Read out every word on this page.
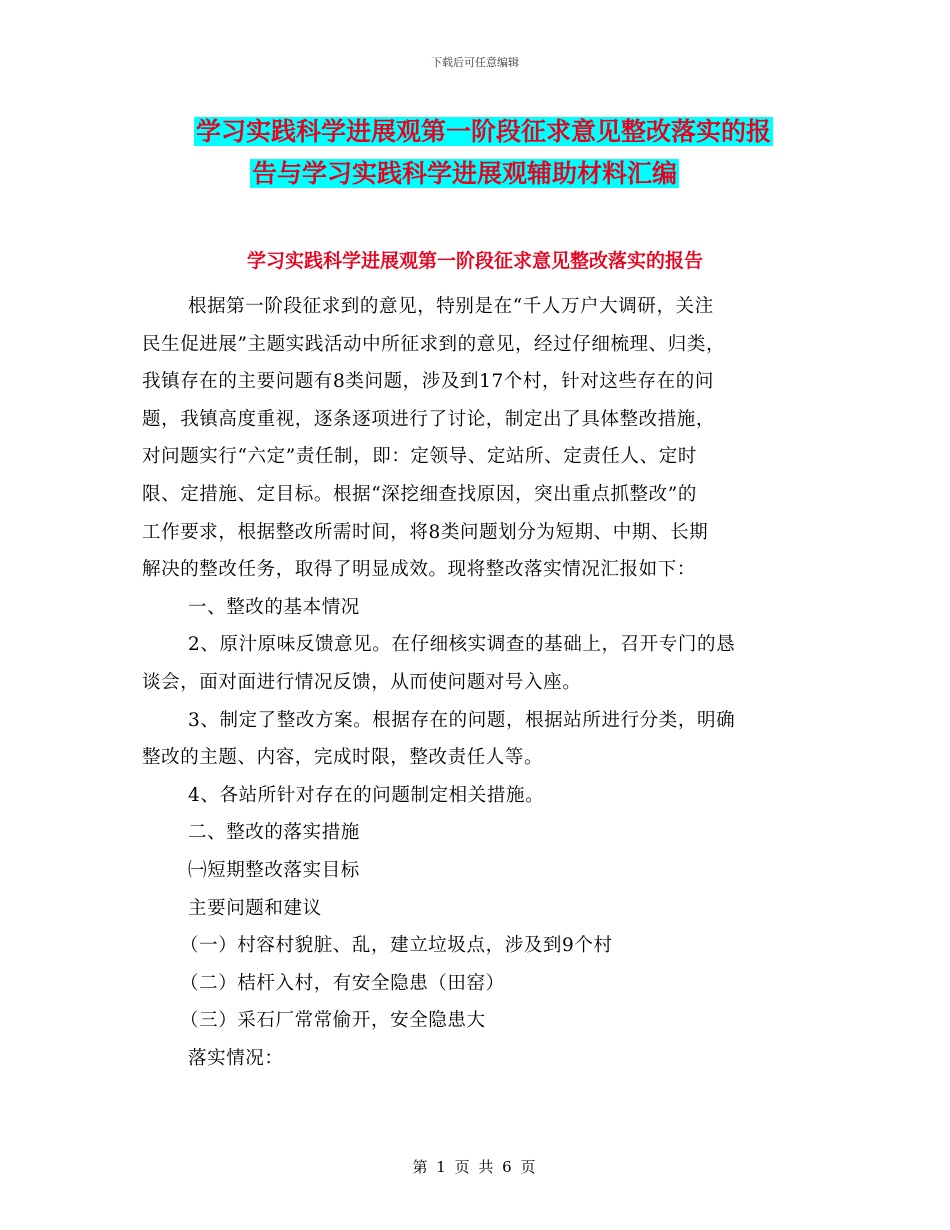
下载后可任意编辑
学习实践科学进展观第一阶段征求意见整改落实的报
告与学习实践科学进展观辅助材料汇编
学习实践科学进展观第一阶段征求意见整改落实的报告
根据第一阶段征求到的意见，特别是在“千人万户大调研，关注
民生促进展”主题实践活动中所征求到的意见，经过仔细梳理、归类，
我镇存在的主要问题有8类问题，涉及到17个村，针对这些存在的问
题，我镇高度重视，逐条逐项进行了讨论，制定出了具体整改措施，
对问题实行“六定”责任制，即：定领导、定站所、定责任人、定时
限、定措施、定目标。根据“深挖细查找原因，突出重点抓整改”的
工作要求，根据整改所需时间，将8类问题划分为短期、中期、长期
解决的整改任务，取得了明显成效。现将整改落实情况汇报如下：
一、整改的基本情况
2、原汁原味反馈意见。在仔细核实调查的基础上，召开专门的恳
谈会，面对面进行情况反馈，从而使问题对号入座。
3、制定了整改方案。根据存在的问题，根据站所进行分类，明确
整改的主题、内容，完成时限，整改责任人等。
4、各站所针对存在的问题制定相关措施。
二、整改的落实措施
㈠短期整改落实目标
主要问题和建议
（一）村容村貌脏、乱，建立垃圾点，涉及到9个村
（二）桔杆入村，有安全隐患（田窑）
（三）采石厂常常偷开，安全隐患大
落实情况：
第 1 页 共 6 页
